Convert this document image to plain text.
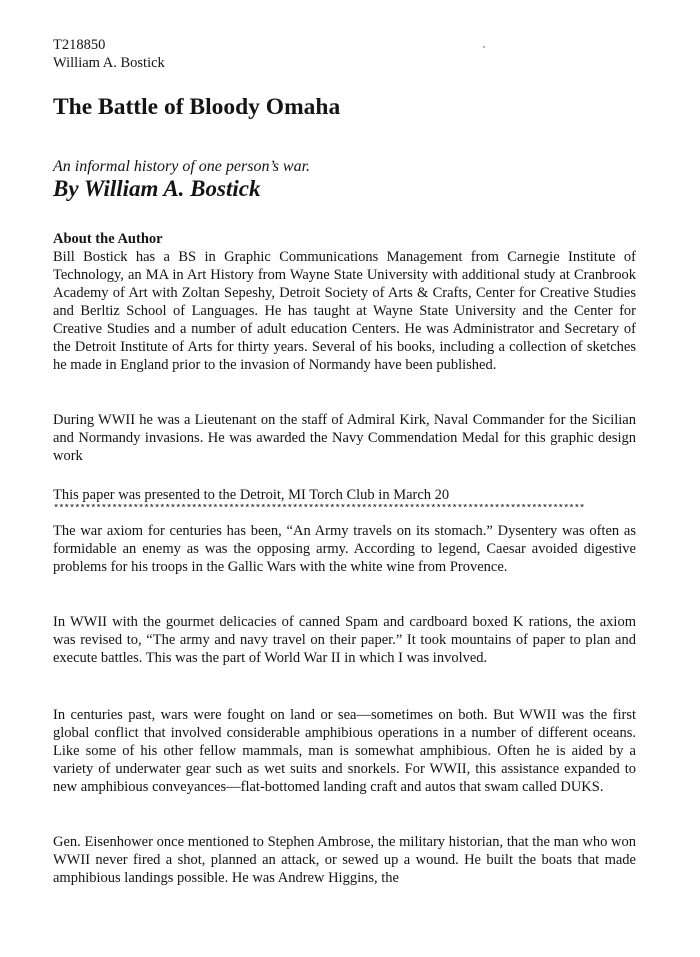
T218850
William A. Bostick
The Battle of Bloody Omaha
An informal history of one person’s war.
By William A. Bostick
About the Author

Bill Bostick has a BS in Graphic Communications Management from Carnegie Institute of Technology, an MA in Art History from Wayne State University with additional study at Cranbrook Academy of Art with Zoltan Sepeshy, Detroit Society of Arts & Crafts, Center for Creative Studies and Berltiz School of Languages. He has taught at Wayne State University and the Center for Creative Studies and a number of adult education Centers. He was Administrator and Secretary of the Detroit Institute of Arts for thirty years. Several of his books, including a collection of sketches he made in England prior to the invasion of Normandy have been published.

During WWII he was a Lieutenant on the staff of Admiral Kirk, Naval Commander for the Sicilian and Normandy invasions. He was awarded the Navy Commendation Medal for this graphic design work

This paper was presented to the Detroit, MI Torch Club in March 20

****************************************************************************************************

The war axiom for centuries has been, “An Army travels on its stomach.” Dysentery was often as formidable an enemy as was the opposing army. According to legend, Caesar avoided digestive problems for his troops in the Gallic Wars with the white wine from Provence.

In WWII with the gourmet delicacies of canned Spam and cardboard boxed K rations, the axiom was revised to, “The army and navy travel on their paper.” It took mountains of paper to plan and execute battles. This was the part of World War II in which I was involved.

In centuries past, wars were fought on land or sea—sometimes on both. But WWII was the first global conflict that involved considerable amphibious operations in a number of different oceans. Like some of his other fellow mammals, man is somewhat amphibious. Often he is aided by a variety of underwater gear such as wet suits and snorkels. For WWII, this assistance expanded to new amphibious conveyances—flat-bottomed landing craft and autos that swam called DUKS.

Gen. Eisenhower once mentioned to Stephen Ambrose, the military historian, that the man who won WWII never fired a shot, planned an attack, or sewed up a wound. He built the boats that made amphibious landings possible. He was Andrew Higgins, the
